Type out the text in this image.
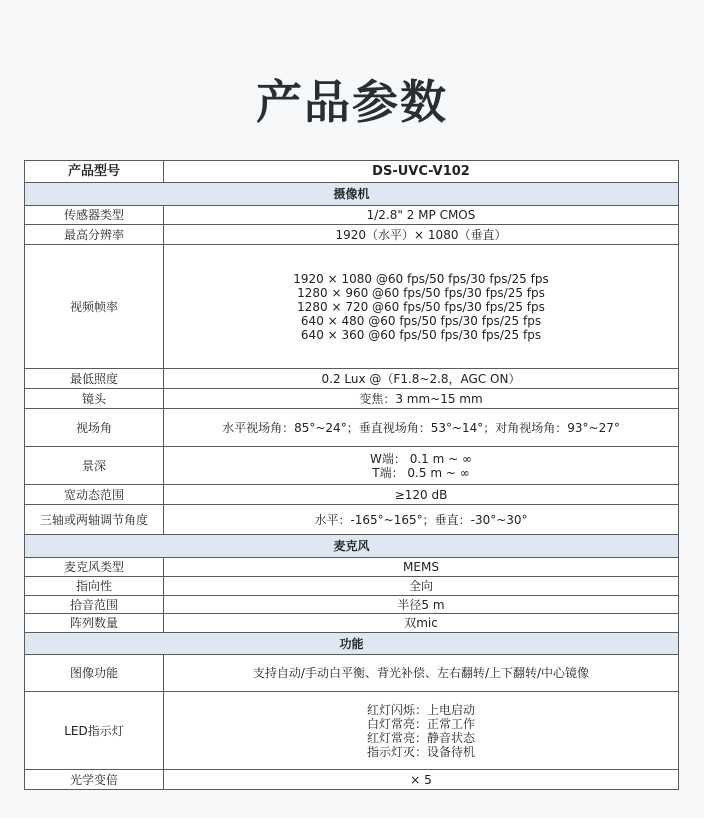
产品参数
产品型号	DS-UVC-V102
摄像机	
传感器类型	1/2.8" 2 MP CMOS
最高分辨率	1920（水平）× 1080（垂直）
视频帧率	1920 × 1080 @60 fps/50 fps/30 fps/25 fps
1280 × 960 @60 fps/50 fps/30 fps/25 fps
1280 × 720 @60 fps/50 fps/30 fps/25 fps
640 × 480 @60 fps/50 fps/30 fps/25 fps
640 × 360 @60 fps/50 fps/30 fps/25 fps

最低照度	0.2 Lux @（F1.8~2.8，AGC ON）
镜头	变焦：3 mm~15 mm
视场角	水平视场角：85°~24°；垂直视场角：53°~14°；对角视场角：93°~27°
景深	W端： 0.1 m ~ ∞
T端： 0.5 m ~ ∞

宽动态范围	≥120 dB
三轴或两轴调节角度	水平：-165°~165°；垂直：-30°~30°
麦克风	
麦克风类型	MEMS
指向性	全向
拾音范围	半径5 m
阵列数量	双mic
功能	
图像功能	支持自动/手动白平衡、背光补偿、左右翻转/上下翻转/中心镜像
LED指示灯	红灯闪烁：上电启动
白灯常亮：正常工作
红灯常亮：静音状态
指示灯灭：设备待机

光学变倍	× 5
